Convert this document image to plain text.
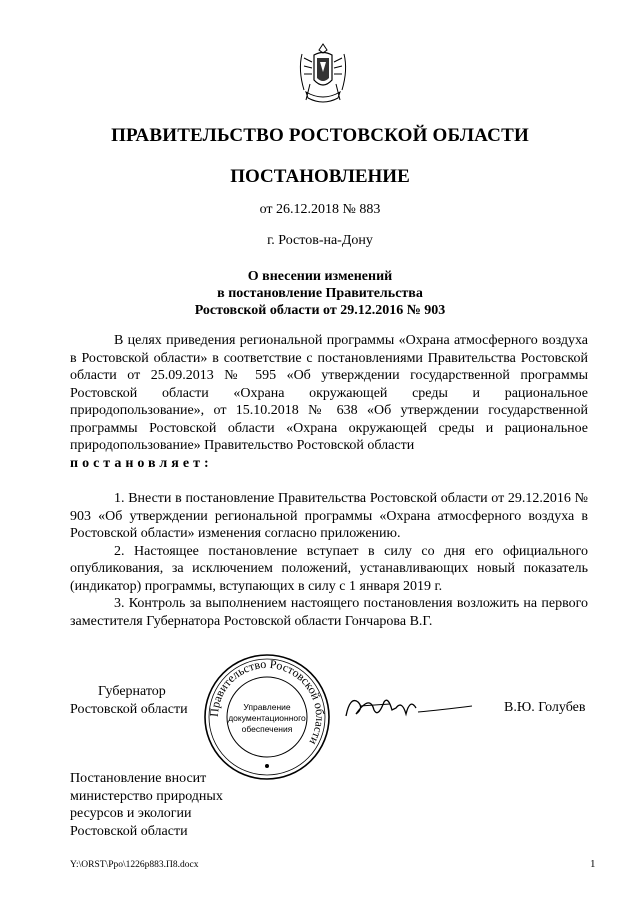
ПРАВИТЕЛЬСТВО РОСТОВСКОЙ ОБЛАСТИ
ПОСТАНОВЛЕНИЕ
от 26.12.2018 № 883
г. Ростов-на-Дону
О внесении изменений
в постановление Правительства
Ростовской области от 29.12.2016 № 903
В целях приведения региональной программы «Охрана атмосферного воздуха в Ростовской области» в соответствие с постановлениями Правительства Ростовской области от 25.09.2013 № 595 «Об утверждении государственной программы Ростовской области «Охрана окружающей среды и рациональное природопользование», от 15.10.2018 № 638 «Об утверждении государственной программы Ростовской области «Охрана окружающей среды и рациональное природопользование» Правительство Ростовской области
постановляет:
1. Внести в постановление Правительства Ростовской области от 29.12.2016 № 903 «Об утверждении региональной программы «Охрана атмосферного воздуха в Ростовской области» изменения согласно приложению.
2. Настоящее постановление вступает в силу со дня его официального опубликования, за исключением положений, устанавливающих новый показатель (индикатор) программы, вступающих в силу с 1 января 2019 г.
3. Контроль за выполнением настоящего постановления возложить на первого заместителя Губернатора Ростовской области Гончарова В.Г.
Губернатор
Ростовской области Правительство Ростовской области
Управление
документационного
обеспечения
В.Ю. Голубев
Постановление вносит
министерство природных
ресурсов и экологии
Ростовской области
Y:\ORST\Ppo\1226p883.П8.docx	1
